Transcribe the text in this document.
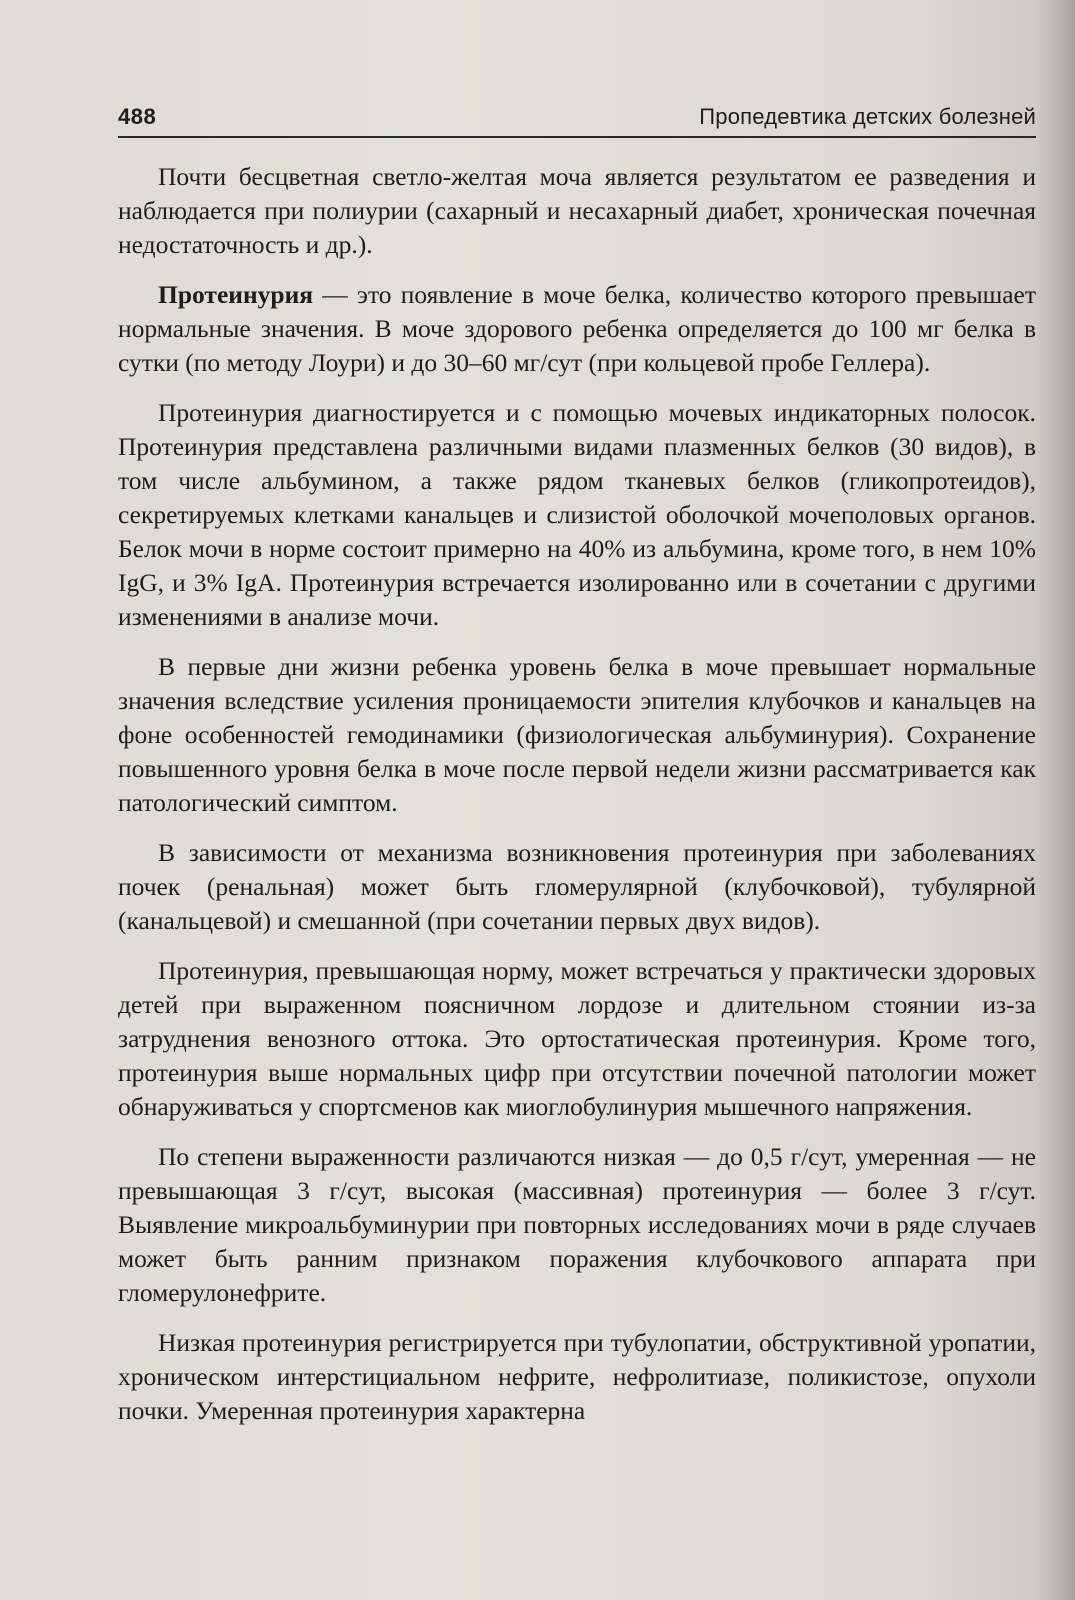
488	Пропедевтика детских болезней

Почти бесцветная светло-желтая моча является результатом ее разведения и наблюдается при полиурии (сахарный и несахарный диабет, хроническая почечная недостаточность и др.).

Протеинурия — это появление в моче белка, количество которого превышает нормальные значения. В моче здорового ребенка определяется до 100 мг белка в сутки (по методу Лоури) и до 30–60 мг/сут (при кольцевой пробе Геллера).

Протеинурия диагностируется и с помощью мочевых индикаторных полосок. Протеинурия представлена различными видами плазменных белков (30 видов), в том числе альбумином, а также рядом тканевых белков (гликопротеидов), секретируемых клетками канальцев и слизистой оболочкой мочеполовых органов. Белок мочи в норме состоит примерно на 40% из альбумина, кроме того, в нем 10% IgG, и 3% IgA. Протеинурия встречается изолированно или в сочетании с другими изменениями в анализе мочи.

В первые дни жизни ребенка уровень белка в моче превышает нормальные значения вследствие усиления проницаемости эпителия клубочков и канальцев на фоне особенностей гемодинамики (физиологическая альбуминурия). Сохранение повышенного уровня белка в моче после первой недели жизни рассматривается как патологический симптом.

В зависимости от механизма возникновения протеинурия при заболеваниях почек (ренальная) может быть гломерулярной (клубочковой), тубулярной (канальцевой) и смешанной (при сочетании первых двух видов).

Протеинурия, превышающая норму, может встречаться у практически здоровых детей при выраженном поясничном лордозе и длительном стоянии из-за затруднения венозного оттока. Это ортостатическая протеинурия. Кроме того, протеинурия выше нормальных цифр при отсутствии почечной патологии может обнаруживаться у спортсменов как миоглобулинурия мышечного напряжения.

По степени выраженности различаются низкая — до 0,5 г/сут, умеренная — не превышающая 3 г/сут, высокая (массивная) протеинурия — более 3 г/сут. Выявление микроальбуминурии при повторных исследованиях мочи в ряде случаев может быть ранним признаком поражения клубочкового аппарата при гломерулонефрите.

Низкая протеинурия регистрируется при тубулопатии, обструктивной уропатии, хроническом интерстициальном нефрите, нефролитиазе, поликистозе, опухоли почки. Умеренная протеинурия характерна
